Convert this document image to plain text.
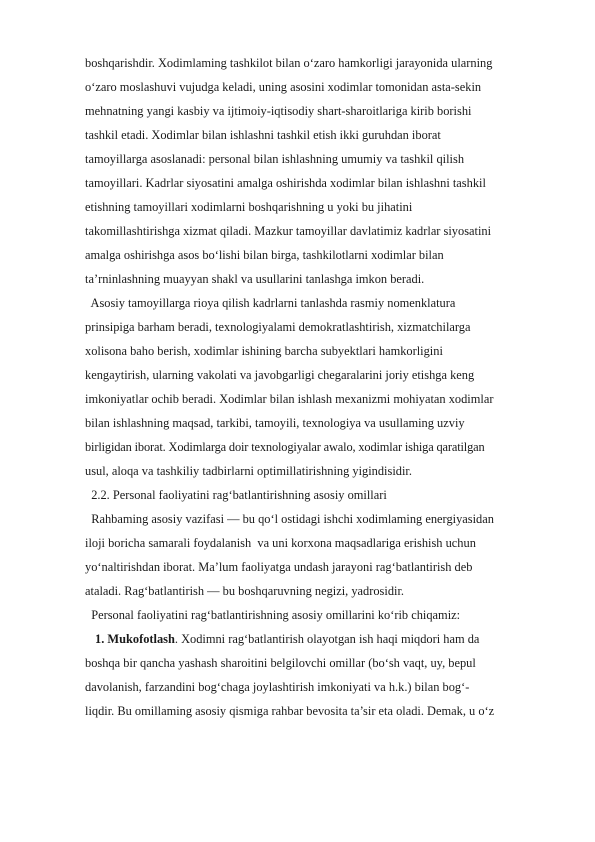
boshqarishdir. Xodimlaming tashkilot bilan o‘zaro hamkorligi jarayonida ularning
o‘zaro moslashuvi vujudga keladi, uning asosini xodimlar tomonidan asta-sekin
mehnatning yangi kasbiy va ijtimoiy-iqtisodiy shart-sharoitlariga kirib borishi
tashkil etadi. Xodimlar bilan ishlashni tashkil etish ikki guruhdan iborat
tamoyillarga asoslanadi: personal bilan ishlashning umumiy va tashkil qilish
tamoyillari. Kadrlar siyosatini amalga oshirishda xodimlar bilan ishlashni tashkil
etishning tamoyillari xodimlarni boshqarishning u yoki bu jihatini
takomillashtirishga xizmat qiladi. Mazkur tamoyillar davlatimiz kadrlar siyosatini
amalga oshirishga asos bo‘lishi bilan birga, tashkilotlarni xodimlar bilan
ta’rninlashning muayyan shakl va usullarini tanlashga imkon beradi.
Asosiy tamoyillarga rioya qilish kadrlarni tanlashda rasmiy nomenklatura
prinsipiga barham beradi, texnologiyalami demokratlashtirish, xizmatchilarga
xolisona baho berish, xodimlar ishining barcha subyektlari hamkorligini
kengaytirish, ularning vakolati va javobgarligi chegaralarini joriy etishga keng
imkoniyatlar ochib beradi. Xodimlar bilan ishlash mexanizmi mohiyatan xodimlar
bilan ishlashning maqsad, tarkibi, tamoyili, texnologiya va usullaming uzviy
birligidan iborat. Xodimlarga doir texnologiyalar awalo, xodimlar ishiga qaratilgan
usul, aloqa va tashkiliy tadbirlarni optimillatirishning yigindisidir.
2.2. Personal faoliyatini rag‘batlantirishning asosiy omillari
Rahbaming asosiy vazifasi — bu qo‘l ostidagi ishchi xodimlaming energiyasidan
iloji boricha samarali foydalanish  va uni korxona maqsadlariga erishish uchun
yo‘naltirishdan iborat. Ma’lum faoliyatga undash jarayoni rag‘batlantirish deb
ataladi. Rag‘batlantirish — bu boshqaruvning negizi, yadrosidir.
Personal faoliyatini rag‘batlantirishning asosiy omillarini ko‘rib chiqamiz:
1. Mukofotlash. Xodimni rag‘batlantirish olayotgan ish haqi miqdori ham da
boshqa bir qancha yashash sharoitini belgilovchi omillar (bo‘sh vaqt, uy, bepul
davolanish, farzandini bog‘chaga joylashtirish imkoniyati va h.k.) bilan bog‘-
liqdir. Bu omillaming asosiy qismiga rahbar bevosita ta’sir eta oladi. Demak, u o‘z
